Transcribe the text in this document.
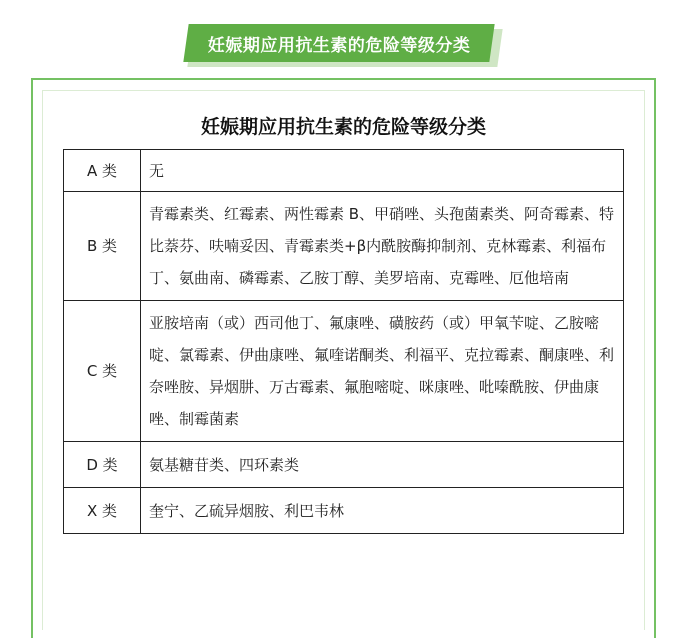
妊娠期应用抗生素的危险等级分类
妊娠期应用抗生素的危险等级分类
A 类	无
B 类	青霉素类、红霉素、两性霉素 B、甲硝唑、头孢菌素类、阿奇霉素、特比萘芬、呋喃妥因、青霉素类+β内酰胺酶抑制剂、克林霉素、利福布丁、氨曲南、磷霉素、乙胺丁醇、美罗培南、克霉唑、厄他培南
C 类	亚胺培南（或）西司他丁、氟康唑、磺胺药（或）甲氧苄啶、乙胺嘧啶、氯霉素、伊曲康唑、氟喹诺酮类、利福平、克拉霉素、酮康唑、利奈唑胺、异烟肼、万古霉素、氟胞嘧啶、咪康唑、吡嗪酰胺、伊曲康唑、制霉菌素
D 类	氨基糖苷类、四环素类
X 类	奎宁、乙硫异烟胺、利巴韦林
